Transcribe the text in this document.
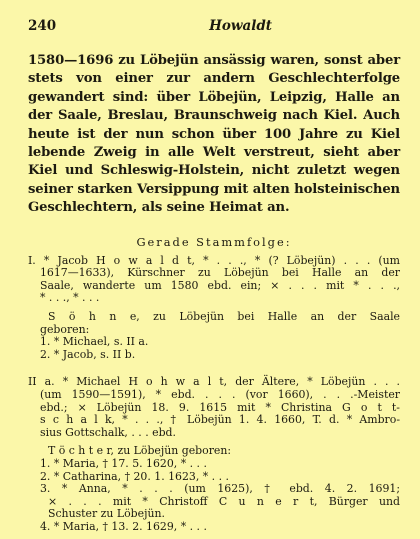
240	Howaldt
1580—1696 zu Löbejün ansässig waren, sonst aber
stets von einer zur andern Geschlechterfolge
gewandert sind: über Löbejün, Leipzig, Halle an
der Saale, Breslau, Braunschweig nach Kiel. Auch
heute ist der nun schon über 100 Jahre zu Kiel
lebende Zweig in alle Welt verstreut, sieht aber
Kiel und Schleswig-Holstein, nicht zuletzt wegen
seiner starken Versippung mit alten holsteinischen
Geschlechtern, als seine Heimat an.
Gerade Stammfolge:
I. * Jacob H o w a l d t, * . . ., * (? Löbejün) . . . (um
1617—1633), Kürschner zu Löbejün bei Halle an der
Saale, wanderte um 1580 ebd. ein; ⨯ . . . mit * . . .,
* . . ., * . . .
S ö h n e, zu Löbejün bei Halle an der Saale
geboren:
1. * Michael, s. II a.
2. * Jacob, s. II b.
II a. * Michael H o h w a l t, der Ältere, * Löbejün . . .
(um 1590—1591), * ebd. . . . (vor 1660), . . .-Meister
ebd.; ⨯ Löbejün 18. 9. 1615 mit * Christina G o t t-
s c h a l k, * . . ., † Löbejün 1. 4. 1660, T. d. * Ambro-
sius Gottschalk, . . . ebd.
T ö c h t e r, zu Löbejün geboren:
1. * Maria, † 17. 5. 1620, * . . .
2. * Catharina, † 20. 1. 1623, * . . .
3. * Anna, * . . . (um 1625), † ebd. 4. 2. 1691;
⨯ . . . mit * Christoff C u n e r t, Bürger und
Schuster zu Löbejün.
4. * Maria, † 13. 2. 1629, * . . .
